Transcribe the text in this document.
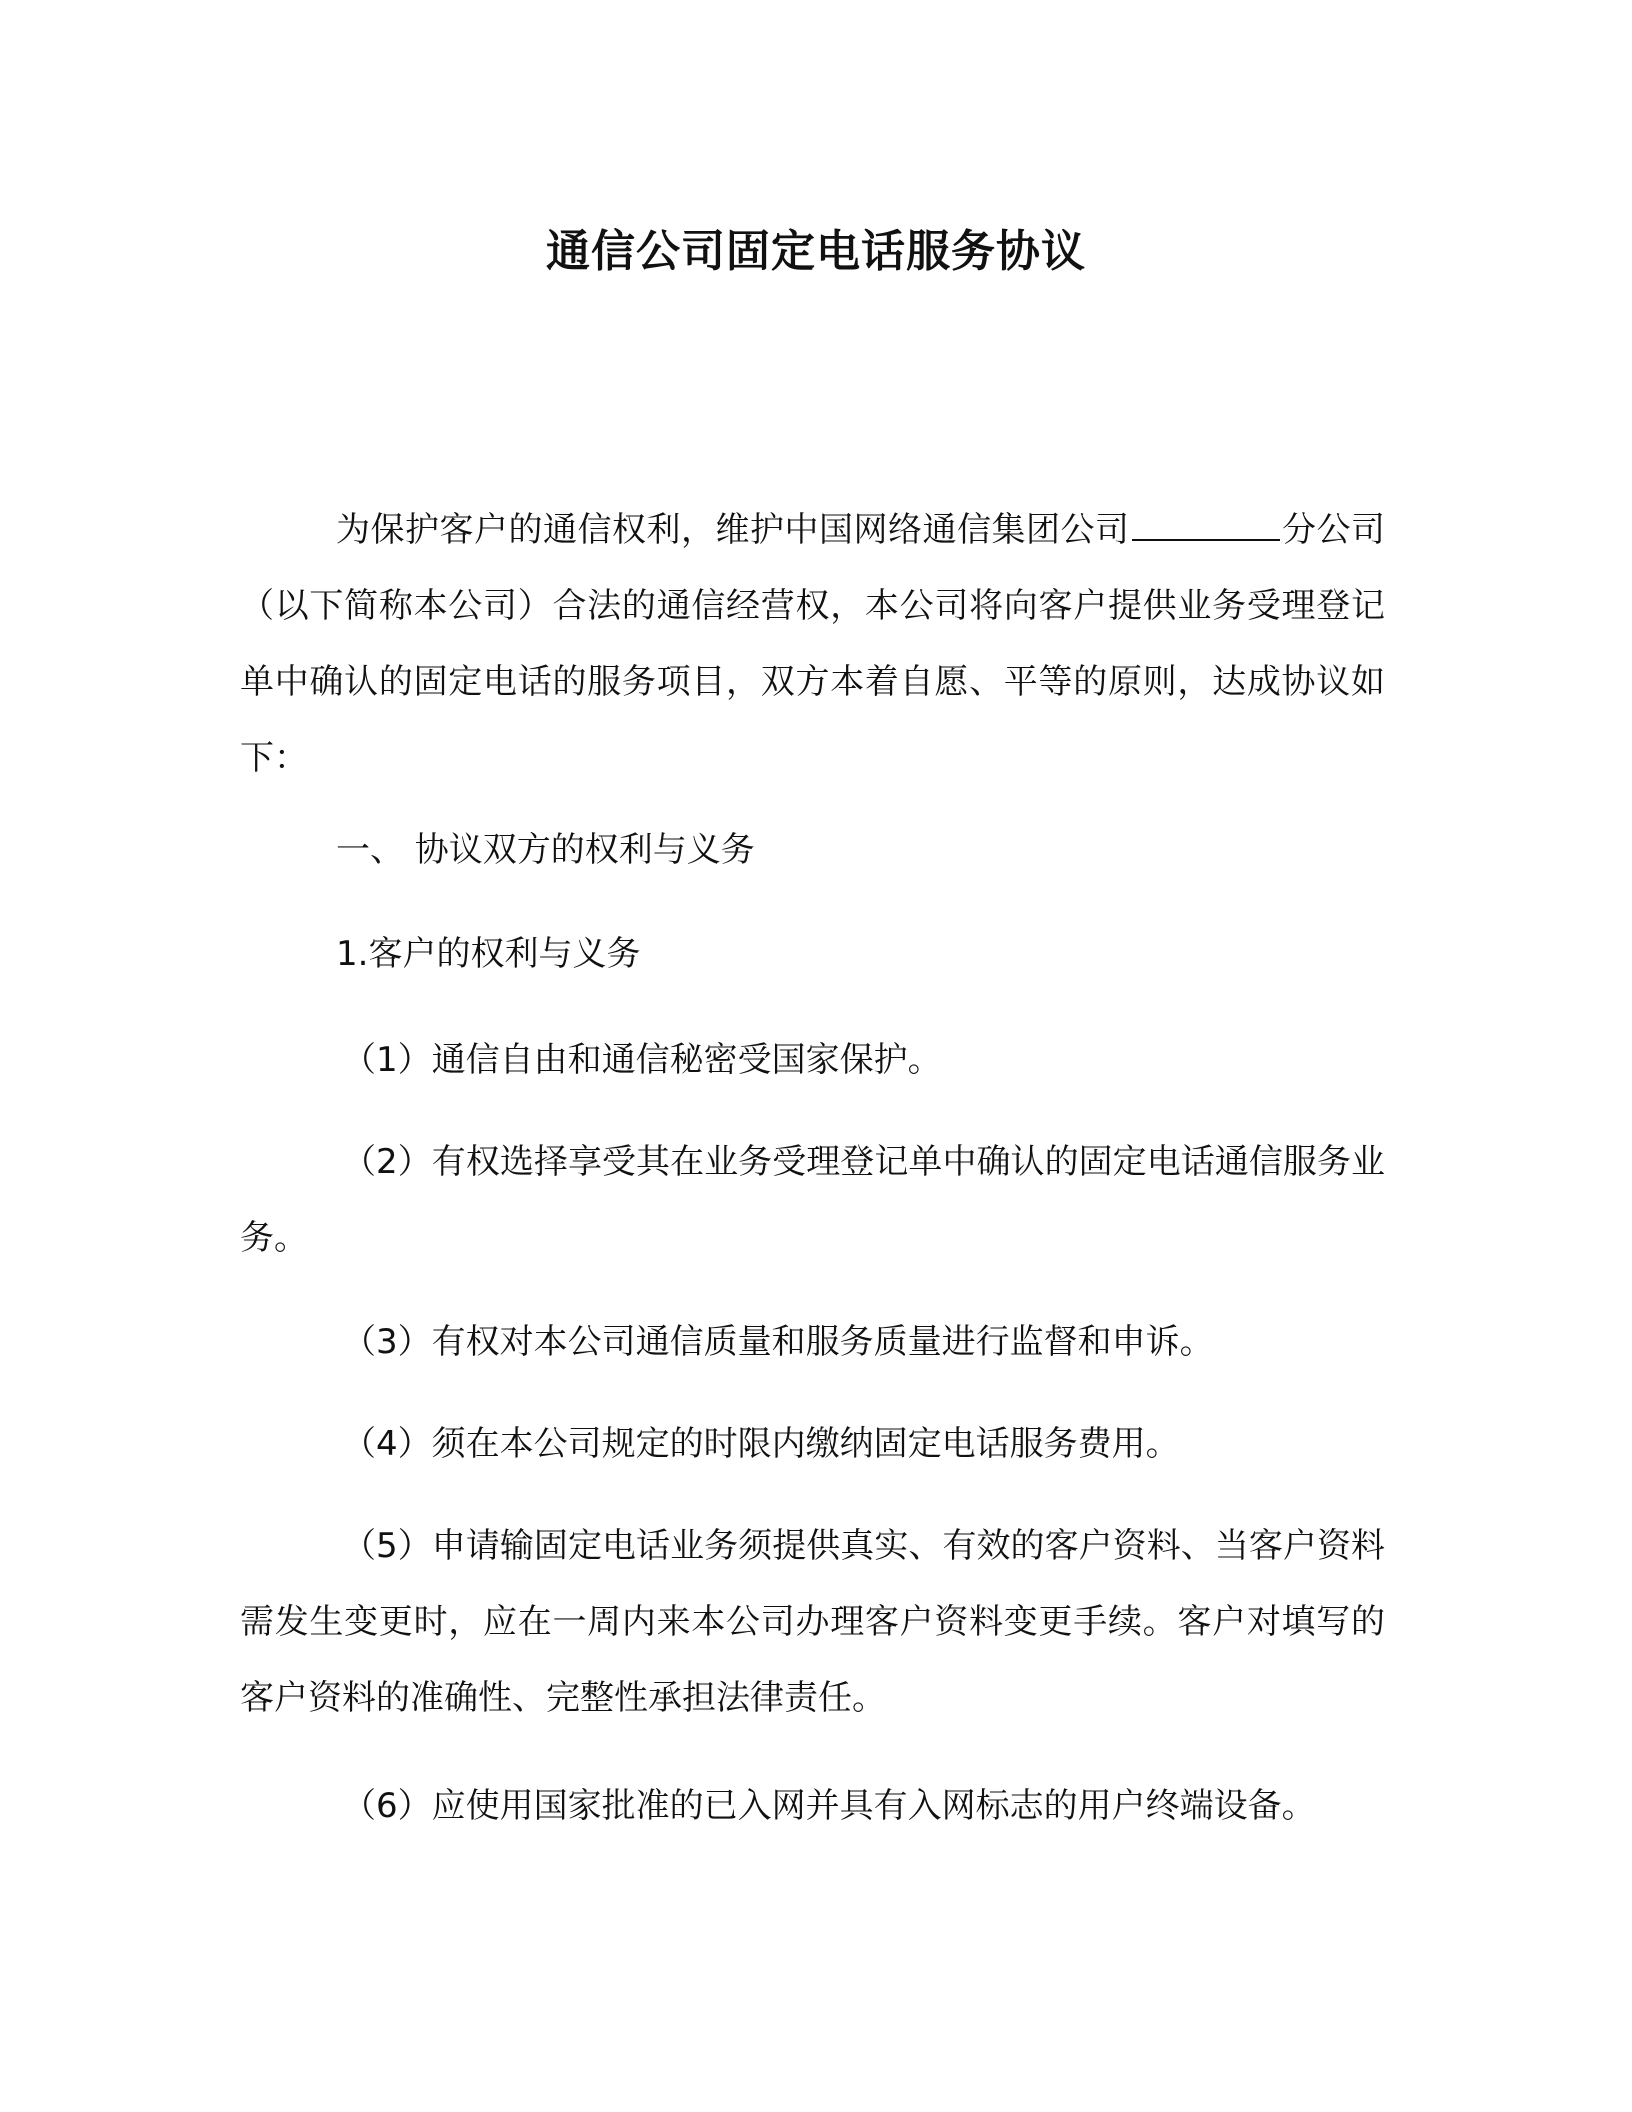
通信公司固定电话服务协议

为保护客户的通信权利，维护中国网络通信集团公司	分公司（以下简称本公司）合法的通信经营权，本公司将向客户提供业务受理登记单中确认的固定电话的服务项目，双方本着自愿、平等的原则，达成协议如下：

一、 协议双方的权利与义务

1.客户的权利与义务

（1）通信自由和通信秘密受国家保护。

（2）有权选择享受其在业务受理登记单中确认的固定电话通信服务业务。

（3）有权对本公司通信质量和服务质量进行监督和申诉。

（4）须在本公司规定的时限内缴纳固定电话服务费用。

（5）申请输固定电话业务须提供真实、有效的客户资料、当客户资料需发生变更时，应在一周内来本公司办理客户资料变更手续。客户对填写的客户资料的准确性、完整性承担法律责任。

（6）应使用国家批准的已入网并具有入网标志的用户终端设备。
